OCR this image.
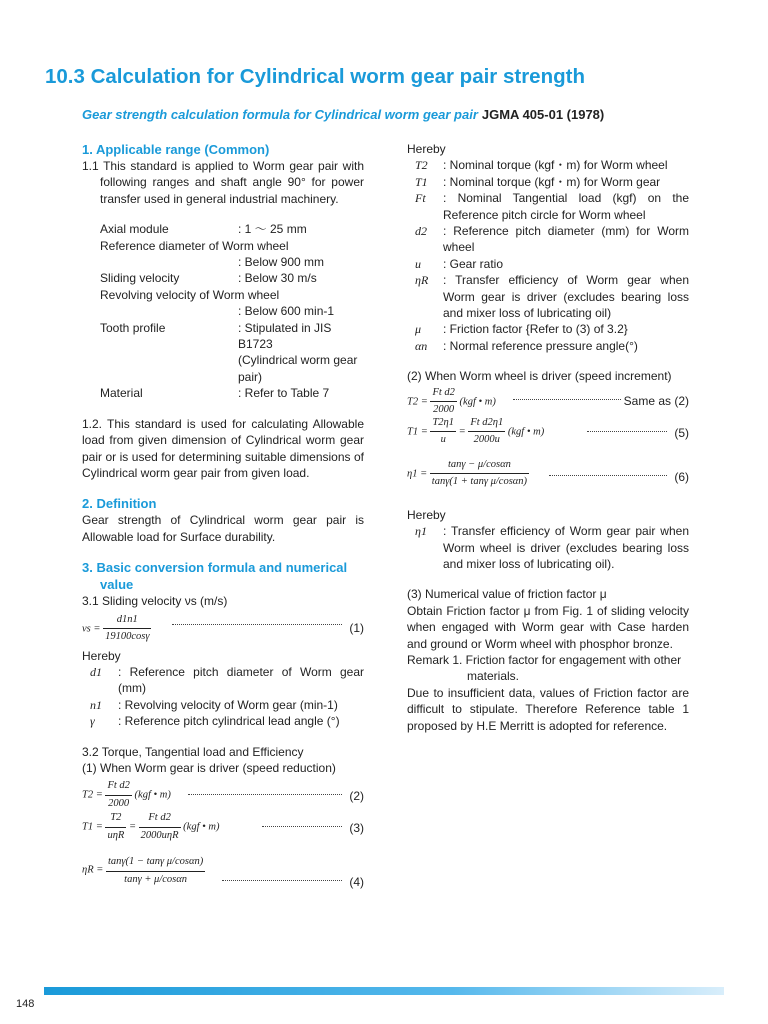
10.3 Calculation for Cylindrical worm gear pair strength
Gear strength calculation formula for Cylindrical worm gear pair JGMA 405-01 (1978)

1. Applicable range (Common)

1.1 This standard is applied to Worm gear pair with following ranges and shaft angle 90° for power transfer used in general industrial machinery.

Axial module	: 1 ～ 25 mm
Reference diameter of Worm wheel
: Below 900 mm
Sliding velocity	: Below 30 m/s
Revolving velocity of Worm wheel
: Below 600 min-1
Tooth profile	: Stipulated in JIS B1723
(Cylindrical worm gear
pair)
Material	: Refer to Table 7

1.2. This standard is used for calculating Allowable load from given dimension of Cylindrical worm gear pair or is used for determining suitable dimensions of Cylindrical worm gear pair from given load.

2. Definition

Gear strength of Cylindrical worm gear pair is Allowable load for Surface durability.

3. Basic conversion formula and numerical value

3.1 Sliding velocity νs (m/s)

$\nu s = \frac{d1n1}{19100\cos\gamma}$	(1)

Hereby

d1	: Reference pitch diameter of Worm gear (mm)
n1	: Revolving velocity of Worm gear (min-1)
γ	: Reference pitch cylindrical lead angle (°)

3.2 Torque, Tangential load and Efficiency

(1) When Worm gear is driver (speed reduction)

$T2 = \frac{\text{Ft d2}}{2000} (kgf$ • m)	(2)
$T1 = \frac{T2}{\text{uηR}} = \frac{\text{Ft d2}}{\text{2000uηR}} (kgf$ • m)	(3)
$\eta R = \frac{\text{tanγ(1 − tanγ μ/cosαn)}}{\tan\gamma + \mu/\cos\alpha n}$	(4)

Hereby

T2	: Nominal torque (kgf・m) for Worm wheel
T1	: Nominal torque (kgf・m) for Worm gear
Ft	: Nominal Tangential load (kgf) on the Reference pitch circle for Worm wheel
d2	: Reference pitch diameter (mm) for Worm wheel
u	: Gear ratio
ηR	: Transfer efficiency of Worm gear when Worm gear is driver (excludes bearing loss and mixer loss of lubricating oil)
μ	: Friction factor {Refer to (3) of 3.2}
αn	: Normal reference pressure angle(°)

(2) When Worm wheel is driver (speed increment)

$T2 = \frac{\text{Ft d2}}{2000} (kgf$ • m)	Same as (2)
$T1 = \frac{T2\eta 1}{u} = \frac{\text{Ft d2η1}}{2000u} (kgf$ • m)	(5)
$\eta 1 = \frac{\tan\gamma - \mu/\cos\alpha n}{\text{tanγ(1 + tanγ μ/cosαn)}}$	(6)

Hereby

η1	: Transfer efficiency of Worm gear pair when Worm wheel is driver (excludes bearing loss and mixer loss of lubricating oil).

(3) Numerical value of friction factor μ

Obtain Friction factor μ from Fig. 1 of sliding velocity when engaged with Worm gear with Case harden and ground or Worm wheel with phosphor bronze.

Remark 1. Friction factor for engagement with other materials.

Due to insufficient data, values of Friction factor are difficult to stipulate. Therefore Reference table 1 proposed by H.E Merritt is adopted for reference.

148
